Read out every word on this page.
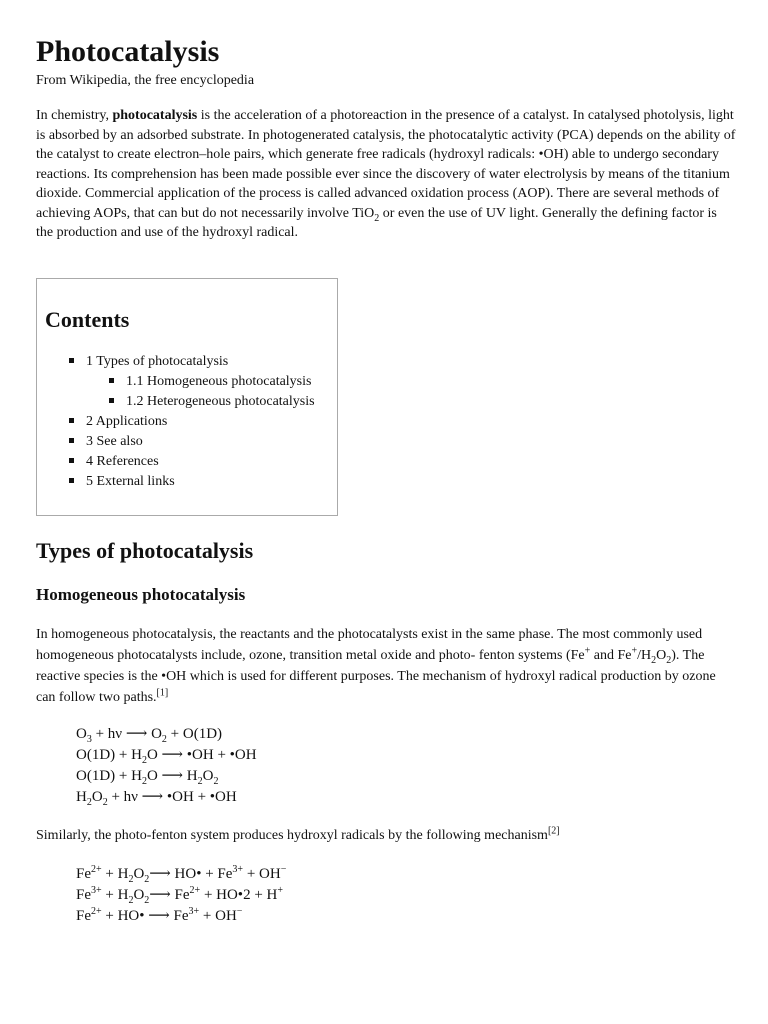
Photocatalysis
From Wikipedia, the free encyclopedia

In chemistry, photocatalysis is the acceleration of a photoreaction in the presence of a catalyst. In catalysed photolysis, light is absorbed by an adsorbed substrate. In photogenerated catalysis, the photocatalytic activity (PCA) depends on the ability of the catalyst to create electron–hole pairs, which generate free radicals (hydroxyl radicals: •OH) able to undergo secondary reactions. Its comprehension has been made possible ever since the discovery of water electrolysis by means of the titanium dioxide. Commercial application of the process is called advanced oxidation process (AOP). There are several methods of achieving AOPs, that can but do not necessarily involve TiO$_2$ or even the use of UV light. Generally the defining factor is the production and use of the hydroxyl radical.

Contents
1 Types of photocatalysis
1.1 Homogeneous photocatalysis
1.2 Heterogeneous photocatalysis
2 Applications
3 See also
4 References
5 External links
Types of photocatalysis
Homogeneous photocatalysis

In homogeneous photocatalysis, the reactants and the photocatalysts exist in the same phase. The most commonly used homogeneous photocatalysts include, ozone, transition metal oxide and photo- fenton systems (Fe+ and $Fe^+/H_2O_2$). The reactive species is the •OH which is used for different purposes. The mechanism of hydroxyl radical production by ozone can follow two paths.[1]

$O_3 + h\nu$ ⟶ $O_2 + O(1D)$
$O(1D) + H_2O$ ⟶ •OH + •OH
$O(1D) + H_2O$ ⟶ $H_2O_2$
$H_2O_2 + h\nu$ ⟶ •OH + •OH

Similarly, the photo-fenton system produces hydroxyl radicals by the following mechanism[2]

$Fe^{2+}$ + $H_2O_2⟶$ HO• + $Fe^{3+} + OH^-$
$Fe^{3+}$ + $H_2O_2⟶$ $Fe^{2+}$ + HO•2 + H+
$Fe^{2+}$ + HO• ⟶ $Fe^{3+} + OH^-$
